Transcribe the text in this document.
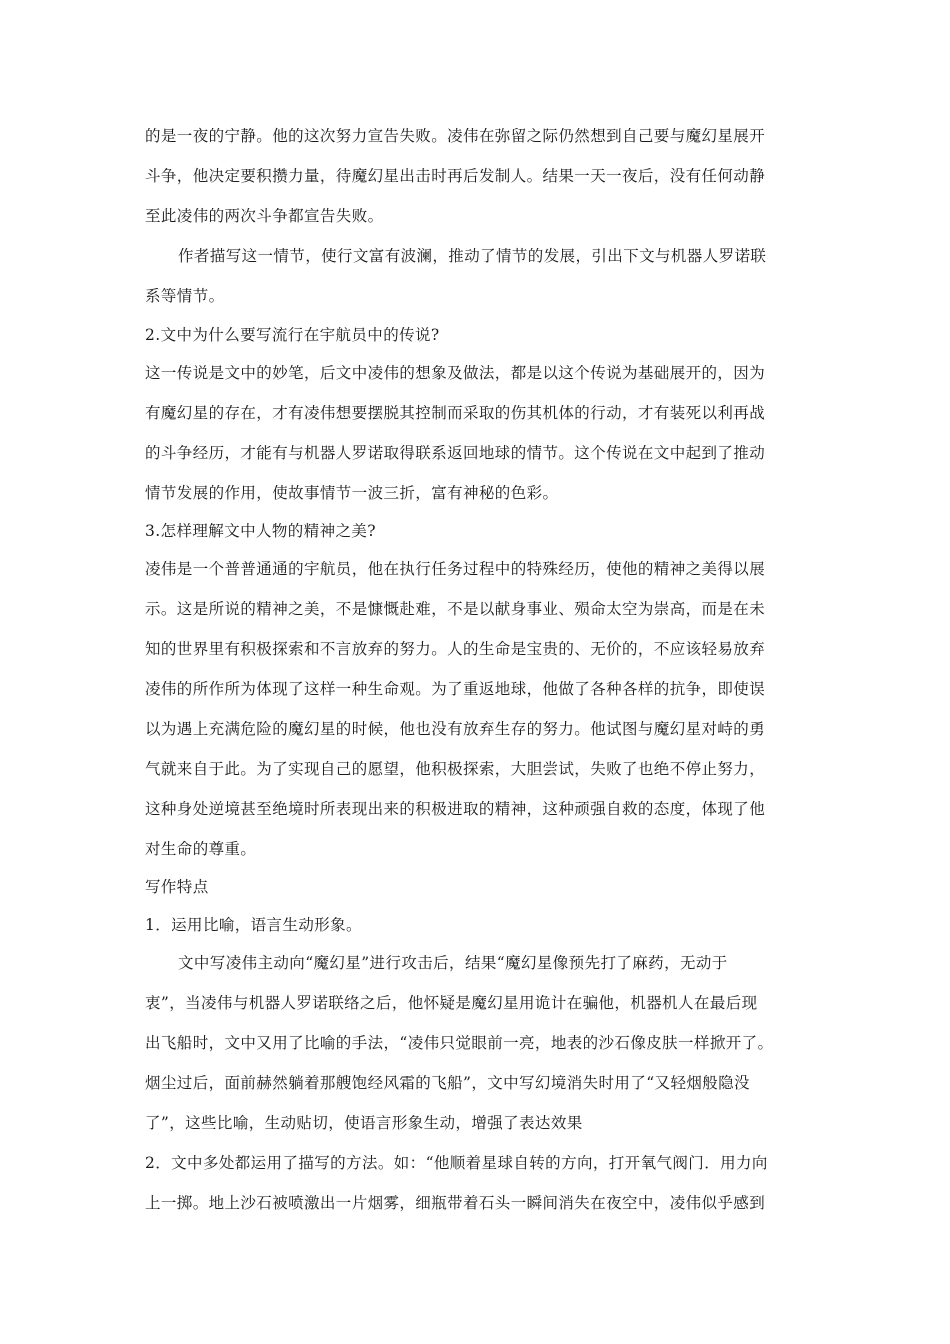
的是一夜的宁静。他的这次努力宣告失败。凌伟在弥留之际仍然想到自己要与魔幻星展开
斗争，他决定要积攒力量，待魔幻星出击时再后发制人。结果一天一夜后，没有任何动静
至此凌伟的两次斗争都宣告失败。
作者描写这一情节，使行文富有波澜，推动了情节的发展，引出下文与机器人罗诺联
系等情节。
2.文中为什么要写流行在宇航员中的传说?
这一传说是文中的妙笔，后文中凌伟的想象及做法，都是以这个传说为基础展开的，因为
有魔幻星的存在，才有凌伟想要摆脱其控制而采取的伤其机体的行动，才有装死以利再战
的斗争经历，才能有与机器人罗诺取得联系返回地球的情节。这个传说在文中起到了推动
情节发展的作用，使故事情节一波三折，富有神秘的色彩。
3.怎样理解文中人物的精神之美?
凌伟是一个普普通通的宇航员，他在执行任务过程中的特殊经历，使他的精神之美得以展
示。这是所说的精神之美，不是慷慨赴难，不是以献身事业、殒命太空为崇高，而是在未
知的世界里有积极探索和不言放弃的努力。人的生命是宝贵的、无价的，不应该轻易放弃
凌伟的所作所为体现了这样一种生命观。为了重返地球，他做了各种各样的抗争，即使误
以为遇上充满危险的魔幻星的时候，他也没有放弃生存的努力。他试图与魔幻星对峙的勇
气就来自于此。为了实现自己的愿望，他积极探索，大胆尝试，失败了也绝不停止努力，
这种身处逆境甚至绝境时所表现出来的积极进取的精神，这种顽强自救的态度，体现了他
对生命的尊重。
写作特点
1．运用比喻，语言生动形象。
文中写凌伟主动向“魔幻星”进行攻击后，结果“魔幻星像预先打了麻药，无动于
衷”，当凌伟与机器人罗诺联络之后，他怀疑是魔幻星用诡计在骗他，机器机人在最后现
出飞船时，文中又用了比喻的手法，“凌伟只觉眼前一亮，地表的沙石像皮肤一样掀开了。
烟尘过后，面前赫然躺着那艘饱经风霜的飞船”，文中写幻境消失时用了“又轻烟般隐没
了”，这些比喻，生动贴切，使语言形象生动，增强了表达效果
2．文中多处都运用了描写的方法。如：“他顺着星球自转的方向，打开氧气阀门．用力向
上一掷。地上沙石被喷激出一片烟雾，细瓶带着石头一瞬间消失在夜空中，凌伟似乎感到
